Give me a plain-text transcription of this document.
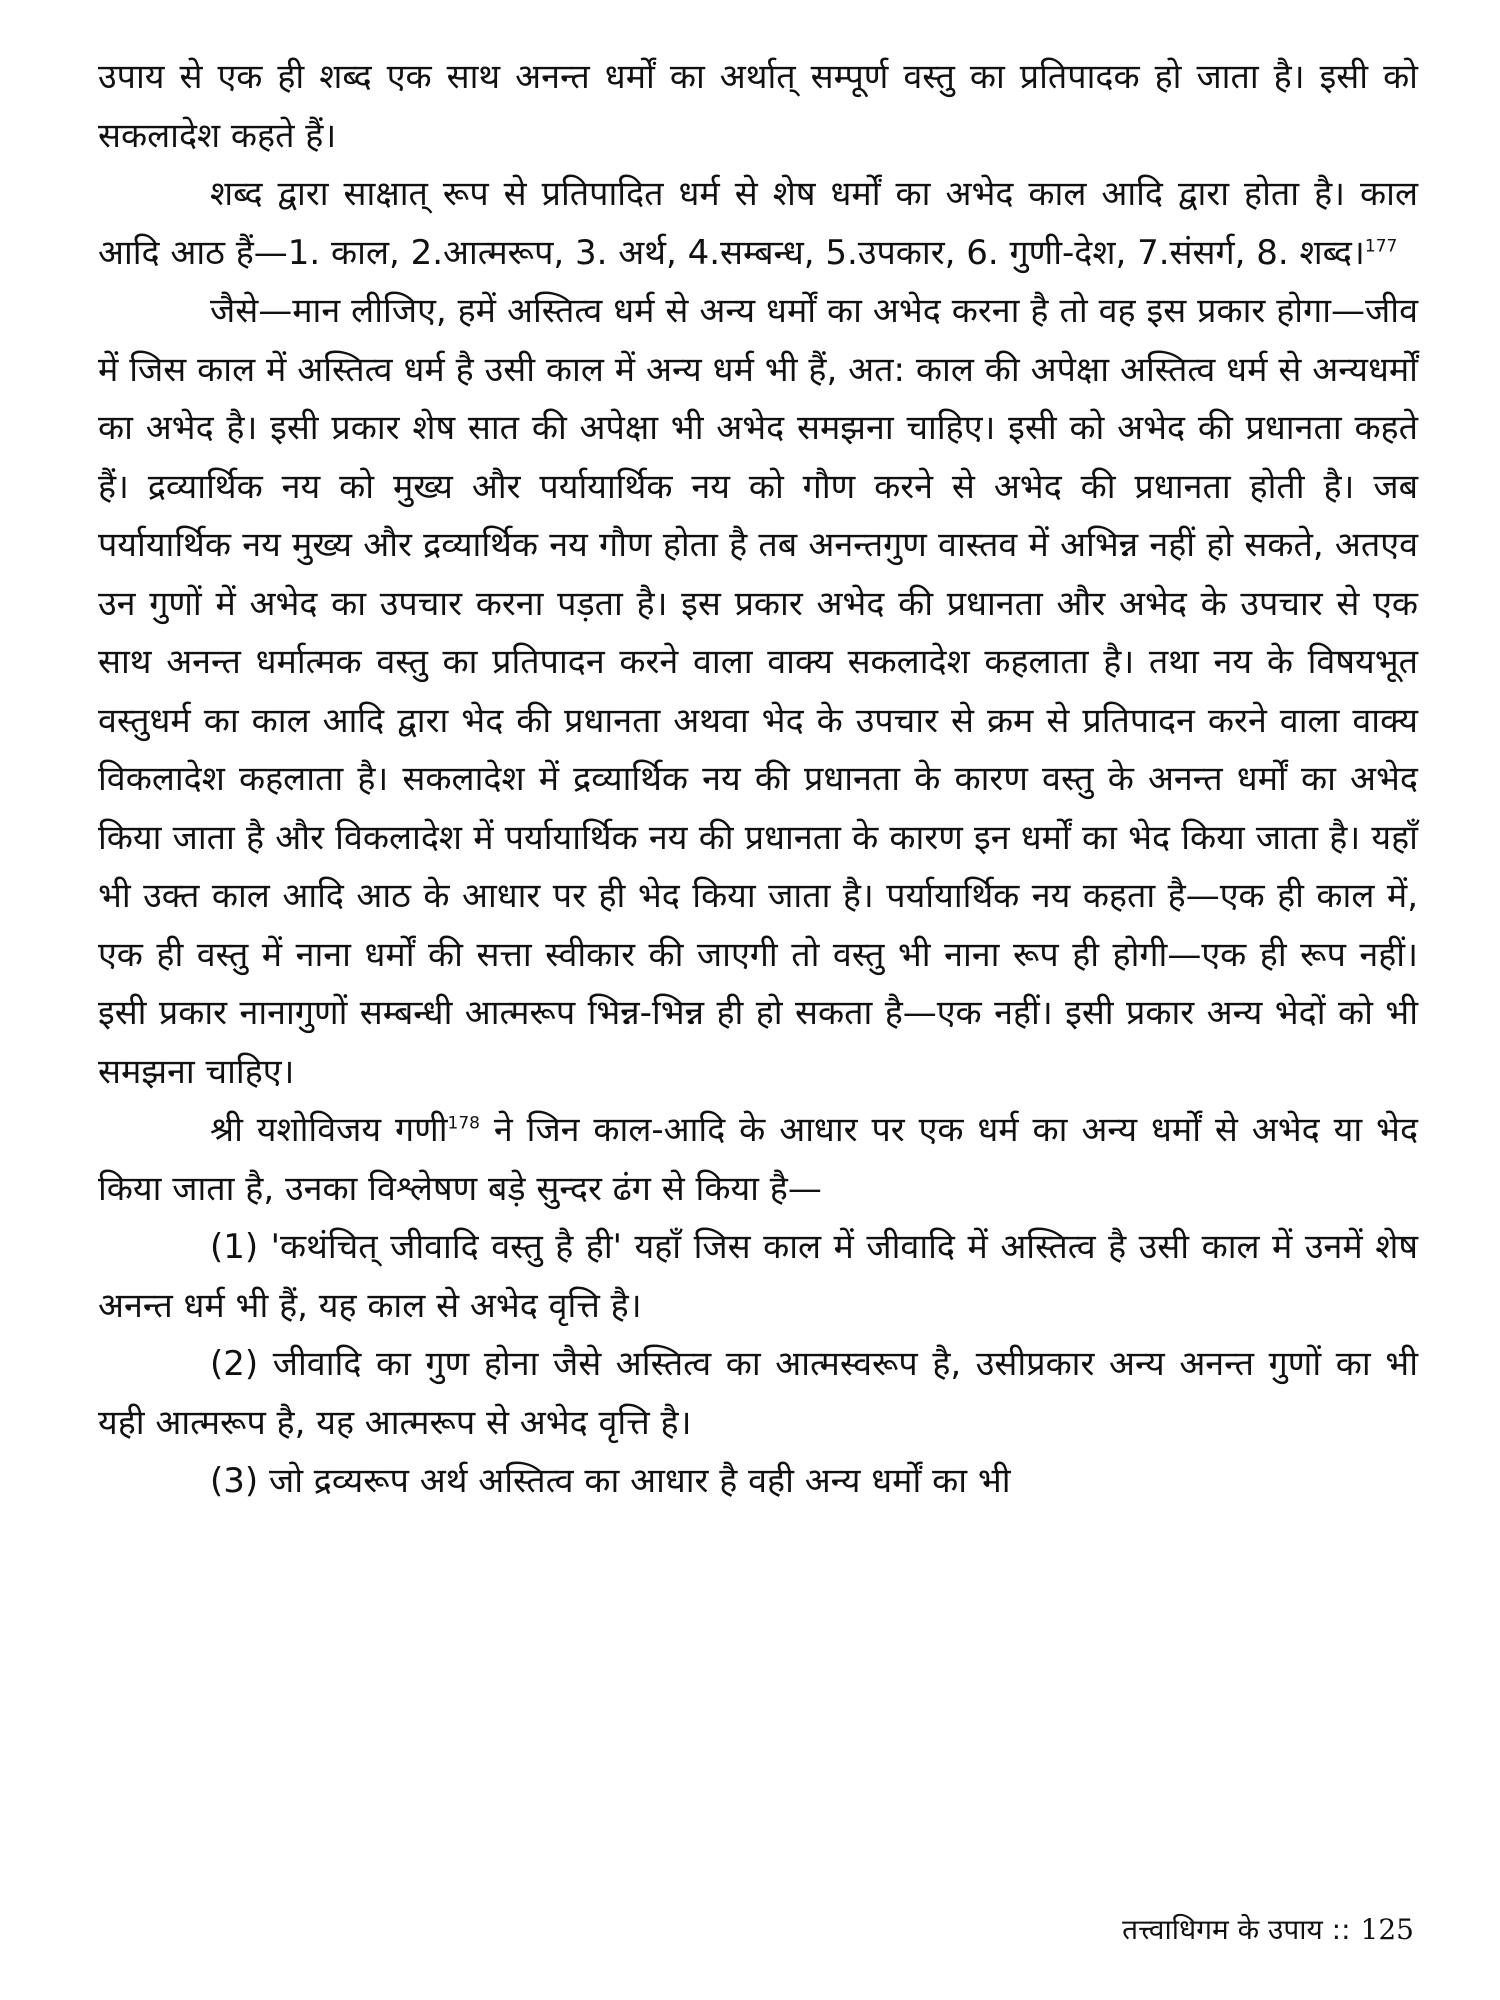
उपाय से एक ही शब्द एक साथ अनन्त धर्मों का अर्थात् सम्पूर्ण वस्तु का प्रतिपादक हो जाता है। इसी को सकलादेश कहते हैं।

शब्द द्वारा साक्षात् रूप से प्रतिपादित धर्म से शेष धर्मों का अभेद काल आदि द्वारा होता है। काल आदि आठ हैं—1. काल, 2.आत्मरूप, 3. अर्थ, 4.सम्बन्ध, 5.उपकार, 6. गुणी-देश, 7.संसर्ग, 8. शब्द।$^{177}$

जैसे—मान लीजिए, हमें अस्तित्व धर्म से अन्य धर्मों का अभेद करना है तो वह इस प्रकार होगा—जीव में जिस काल में अस्तित्व धर्म है उसी काल में अन्य धर्म भी हैं, अत: काल की अपेक्षा अस्तित्व धर्म से अन्यधर्मों का अभेद है। इसी प्रकार शेष सात की अपेक्षा भी अभेद समझना चाहिए। इसी को अभेद की प्रधानता कहते हैं। द्रव्यार्थिक नय को मुख्य और पर्यायार्थिक नय को गौण करने से अभेद की प्रधानता होती है। जब पर्यायार्थिक नय मुख्य और द्रव्यार्थिक नय गौण होता है तब अनन्तगुण वास्तव में अभिन्न नहीं हो सकते, अतएव उन गुणों में अभेद का उपचार करना पड़ता है। इस प्रकार अभेद की प्रधानता और अभेद के उपचार से एक साथ अनन्त धर्मात्मक वस्तु का प्रतिपादन करने वाला वाक्य सकलादेश कहलाता है। तथा नय के विषयभूत वस्तुधर्म का काल आदि द्वारा भेद की प्रधानता अथवा भेद के उपचार से क्रम से प्रतिपादन करने वाला वाक्य विकलादेश कहलाता है। सकलादेश में द्रव्यार्थिक नय की प्रधानता के कारण वस्तु के अनन्त धर्मों का अभेद किया जाता है और विकलादेश में पर्यायार्थिक नय की प्रधानता के कारण इन धर्मों का भेद किया जाता है। यहाँ भी उक्त काल आदि आठ के आधार पर ही भेद किया जाता है। पर्यायार्थिक नय कहता है—एक ही काल में, एक ही वस्तु में नाना धर्मों की सत्ता स्वीकार की जाएगी तो वस्तु भी नाना रूप ही होगी—एक ही रूप नहीं। इसी प्रकार नानागुणों सम्बन्धी आत्मरूप भिन्न-भिन्न ही हो सकता है—एक नहीं। इसी प्रकार अन्य भेदों को भी समझना चाहिए।

श्री यशोविजय गणी$^{178}$ ने जिन काल-आदि के आधार पर एक धर्म का अन्य धर्मों से अभेद या भेद किया जाता है, उनका विश्लेषण बड़े सुन्दर ढंग से किया है—

(1) 'कथंचित् जीवादि वस्तु है ही' यहाँ जिस काल में जीवादि में अस्तित्व है उसी काल में उनमें शेष अनन्त धर्म भी हैं, यह काल से अभेद वृत्ति है।

(2) जीवादि का गुण होना जैसे अस्तित्व का आत्मस्वरूप है, उसीप्रकार अन्य अनन्त गुणों का भी यही आत्मरूप है, यह आत्मरूप से अभेद वृत्ति है।

(3) जो द्रव्यरूप अर्थ अस्तित्व का आधार है वही अन्य धर्मों का भी

तत्त्वाधिगम के उपाय :: 125
